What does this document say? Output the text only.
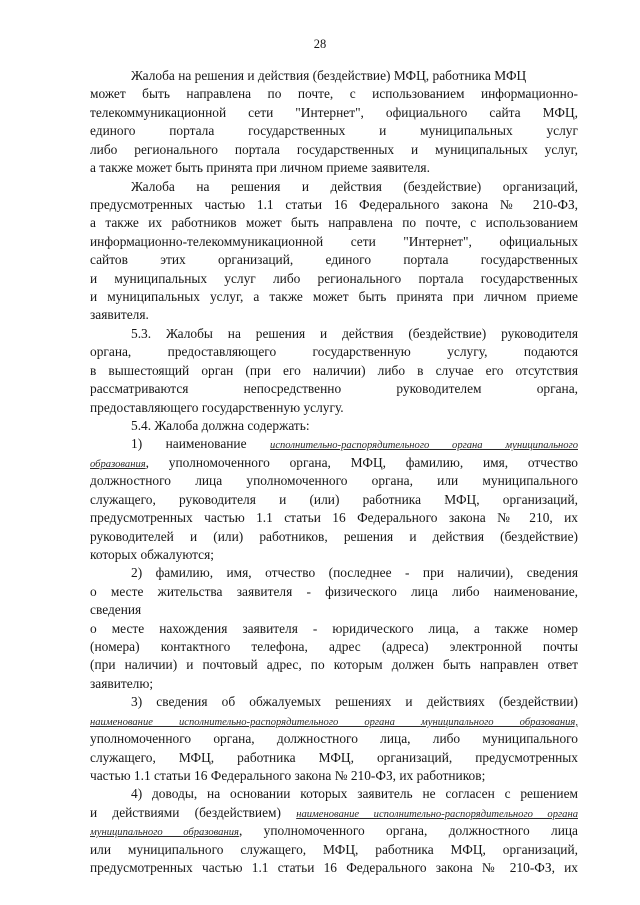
28
Жалоба на решения и действия (бездействие) МФЦ, работника МФЦ
может быть направлена по почте, с использованием информационно-
телекоммуникационной сети "Интернет", официального сайта МФЦ,
единого портала государственных и муниципальных услуг
либо регионального портала государственных и муниципальных услуг,
а также может быть принята при личном приеме заявителя.
Жалоба на решения и действия (бездействие) организаций,
предусмотренных частью 1.1 статьи 16 Федерального закона № 210-ФЗ,
а также их работников может быть направлена по почте, с использованием
информационно-телекоммуникационной сети "Интернет", официальных
сайтов этих организаций, единого портала государственных
и муниципальных услуг либо регионального портала государственных
и муниципальных услуг, а также может быть принята при личном приеме
заявителя.
5.3. Жалобы на решения и действия (бездействие) руководителя
органа, предоставляющего государственную услугу, подаются
в вышестоящий орган (при его наличии) либо в случае его отсутствия
рассматриваются непосредственно руководителем органа,
предоставляющего государственную услугу.
5.4. Жалоба должна содержать:
1) наименование исполнительно-распорядительного органа муниципального
образования, уполномоченного органа, МФЦ, фамилию, имя, отчество
должностного лица уполномоченного органа, или муниципального
служащего, руководителя и (или) работника МФЦ, организаций,
предусмотренных частью 1.1 статьи 16 Федерального закона № 210, их
руководителей и (или) работников, решения и действия (бездействие)
которых обжалуются;
2) фамилию, имя, отчество (последнее - при наличии), сведения
о месте жительства заявителя - физического лица либо наименование,
сведения
о месте нахождения заявителя - юридического лица, а также номер
(номера) контактного телефона, адрес (адреса) электронной почты
(при наличии) и почтовый адрес, по которым должен быть направлен ответ
заявителю;
3) сведения об обжалуемых решениях и действиях (бездействии)
наименование исполнительно-распорядительного органа муниципального образования,
уполномоченного органа, должностного лица, либо муниципального
служащего, МФЦ, работника МФЦ, организаций, предусмотренных
частью 1.1 статьи 16 Федерального закона № 210-ФЗ, их работников;
4) доводы, на основании которых заявитель не согласен с решением
и действиями (бездействием) наименование исполнительно-распорядительного органа
муниципального образования, уполномоченного органа, должностного лица
или муниципального служащего, МФЦ, работника МФЦ, организаций,
предусмотренных частью 1.1 статьи 16 Федерального закона № 210-ФЗ, их
